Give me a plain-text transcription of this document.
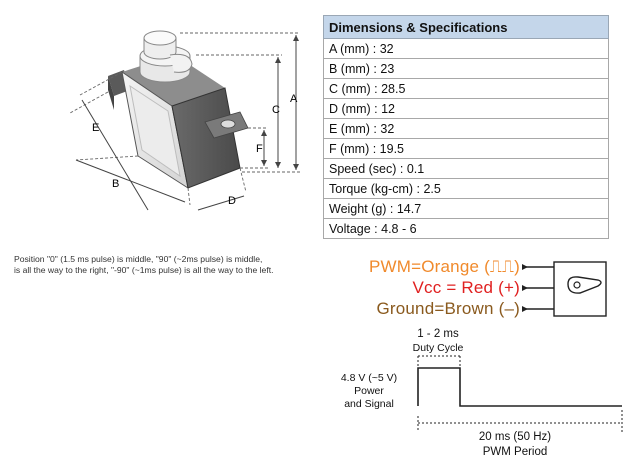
A
B
C
D
E
F
Dimensions & Specifications
A (mm) : 32
B (mm) : 23
C (mm) : 28.5
D (mm) : 12
E (mm) : 32
F (mm) : 19.5
Speed (sec) : 0.1
Torque (kg-cm) : 2.5
Weight (g) : 14.7
Voltage : 4.8 - 6
Position "0" (1.5 ms pulse) is middle, "90" (~2ms pulse) is middle,
is all the way to the right, "-90" (~1ms pulse) is all the way to the left.	PWM=Orange (⎍⎍)
Vcc = Red (+)
Ground=Brown (–)
1 - 2 ms
Duty Cycle
4.8 V (~5 V)
Power
and Signal
20 ms (50 Hz)
PWM Period
